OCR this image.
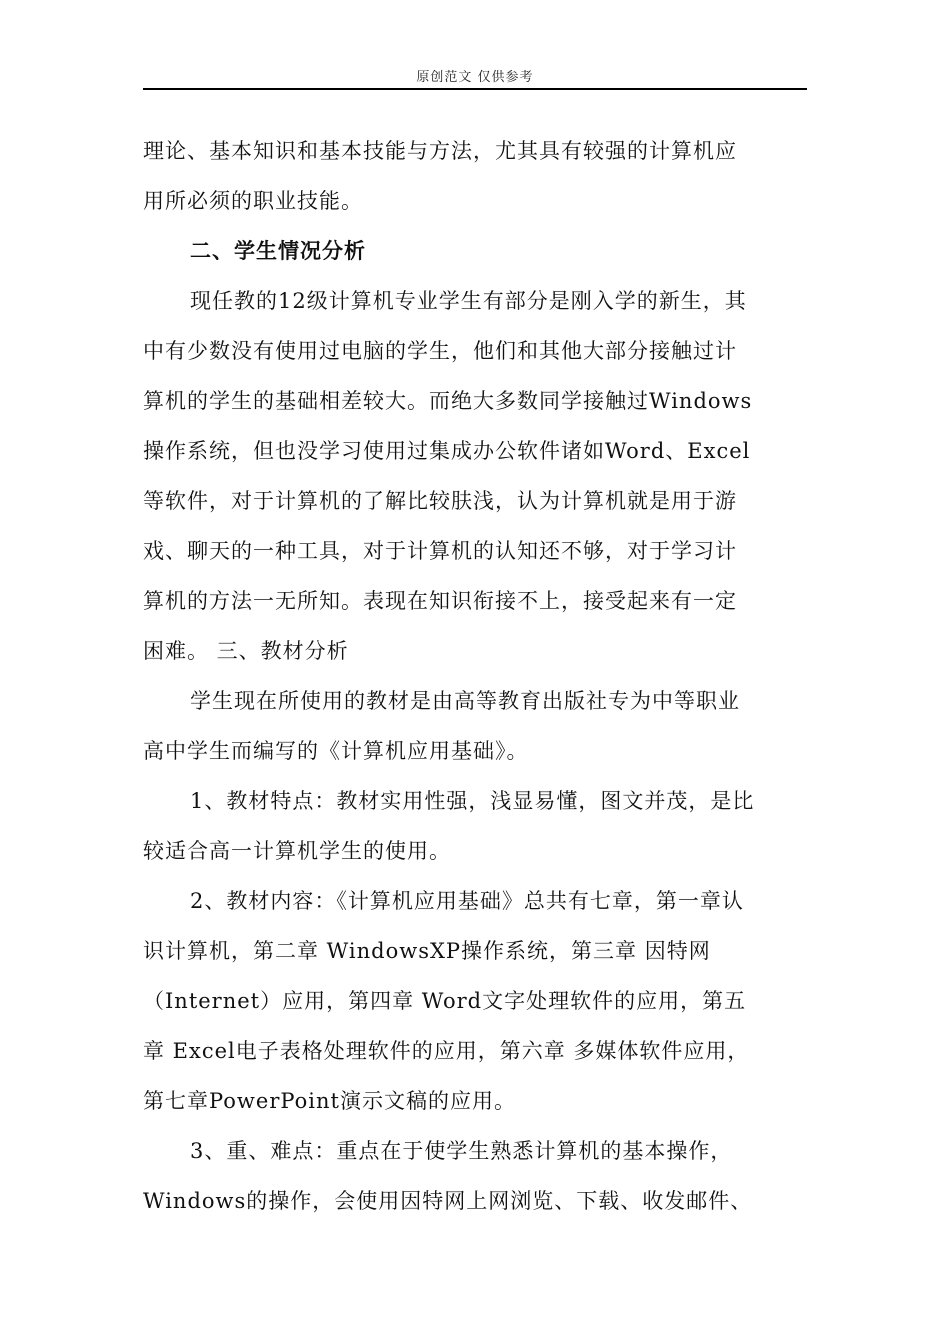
原创范文 仅供参考
理论、基本知识和基本技能与方法，尤其具有较强的计算机应
用所必须的职业技能。
二、学生情况分析
现任教的12级计算机专业学生有部分是刚入学的新生，其
中有少数没有使用过电脑的学生，他们和其他大部分接触过计
算机的学生的基础相差较大。而绝大多数同学接触过Windows
操作系统，但也没学习使用过集成办公软件诸如Word、Excel
等软件，对于计算机的了解比较肤浅，认为计算机就是用于游
戏、聊天的一种工具，对于计算机的认知还不够，对于学习计
算机的方法一无所知。表现在知识衔接不上，接受起来有一定
困难。 三、教材分析
学生现在所使用的教材是由高等教育出版社专为中等职业
高中学生而编写的《计算机应用基础》。
1、教材特点：教材实用性强，浅显易懂，图文并茂，是比
较适合高一计算机学生的使用。
2、教材内容：《计算机应用基础》总共有七章，第一章认
识计算机，第二章 WindowsXP操作系统，第三章 因特网
（Internet）应用，第四章 Word文字处理软件的应用，第五
章 Excel电子表格处理软件的应用，第六章 多媒体软件应用，
第七章PowerPoint演示文稿的应用。
3、重、难点：重点在于使学生熟悉计算机的基本操作，
Windows的操作，会使用因特网上网浏览、下载、收发邮件、
